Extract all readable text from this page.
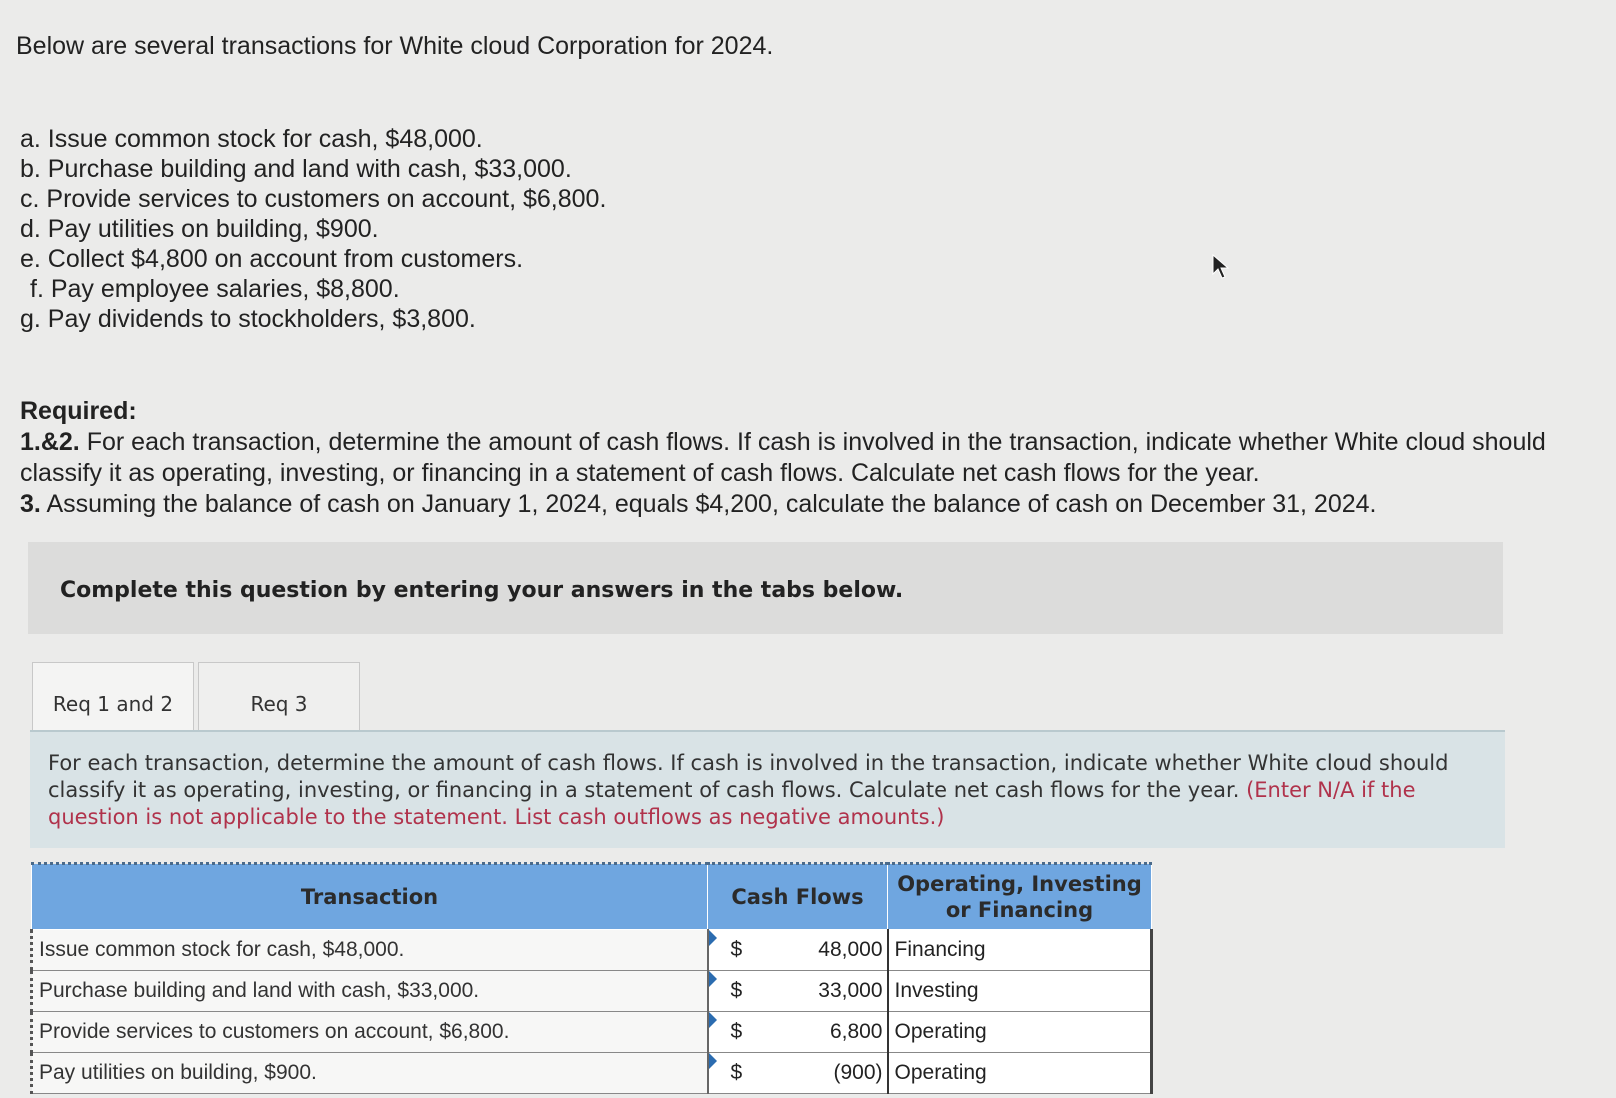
Below are several transactions for White cloud Corporation for 2024.
a. Issue common stock for cash, $48,000.
b. Purchase building and land with cash, $33,000.
c. Provide services to customers on account, $6,800.
d. Pay utilities on building, $900.
e. Collect $4,800 on account from customers.
f. Pay employee salaries, $8,800.
g. Pay dividends to stockholders, $3,800.
Required:
1.&2. For each transaction, determine the amount of cash flows. If cash is involved in the transaction, indicate whether White cloud should classify it as operating, investing, or financing in a statement of cash flows. Calculate net cash flows for the year.
3. Assuming the balance of cash on January 1, 2024, equals $4,200, calculate the balance of cash on December 31, 2024.
Complete this question by entering your answers in the tabs below.
Req 1 and 2	Req 3
For each transaction, determine the amount of cash flows. If cash is involved in the transaction, indicate whether White cloud should classify it as operating, investing, or financing in a statement of cash flows. Calculate net cash flows for the year. (Enter N/A if the question is not applicable to the statement. List cash outflows as negative amounts.)
Transaction	Cash Flows	Operating, Investing or Financing
Issue common stock for cash, $48,000.	$ 48,000	Financing
Purchase building and land with cash, $33,000.	$ 33,000	Investing
Provide services to customers on account, $6,800.	$ 6,800	Operating
Pay utilities on building, $900.	$ (900)	Operating
